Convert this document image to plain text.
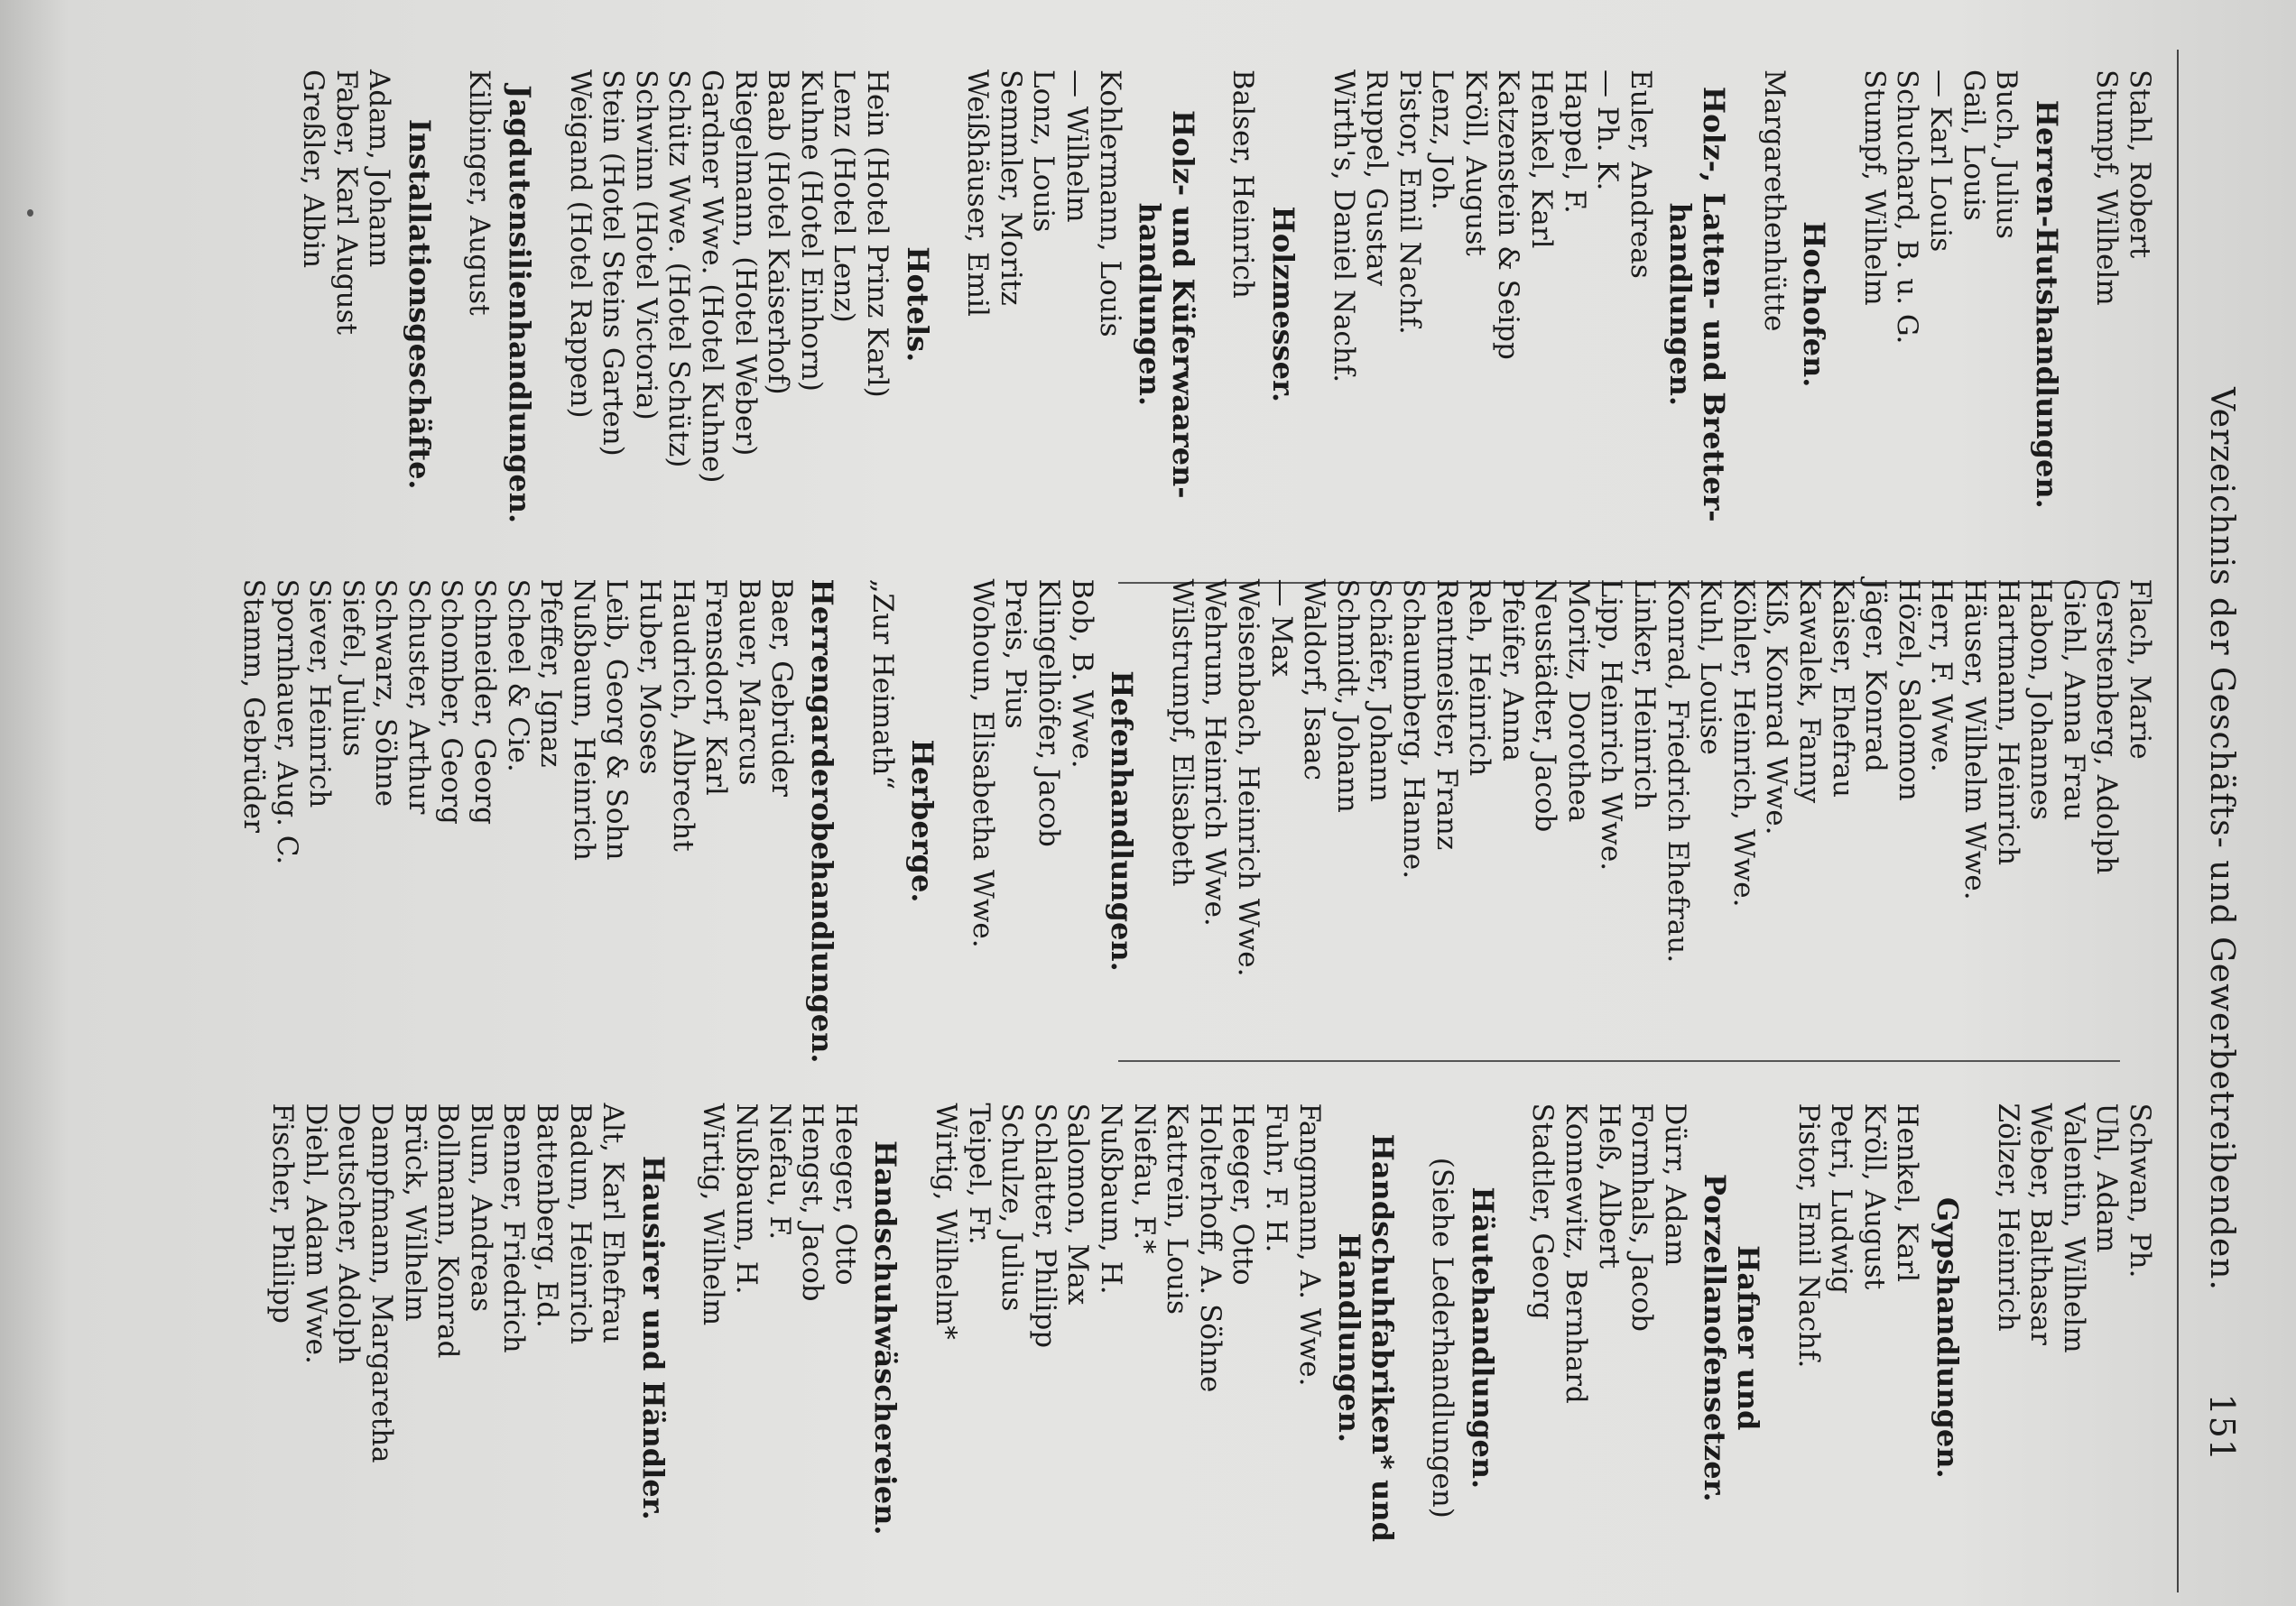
151
Verzeichnis der Geschäfts- und Gewerbetreibenden.
Stahl, Robert
Stumpf, Wilhelm
Herren-Hutshandlungen.
Buch, Julius
Gail, Louis
— Karl Louis
Schuchard, B. u. G.
Stumpf, Wilhelm
Hochofen.
Margarethenhütte
Holz-, Latten- und Bretter-handlungen.
Euler, Andreas
— Ph. K.
Happel, F.
Henkel, Karl
Katzenstein & Seipp
Kröll, August
Lenz, Joh.
Pistor, Emil Nachf.
Ruppel, Gustav
Wirth's, Daniel Nachf.
Holzmesser.
Balser, Heinrich
Holz- und Küferwaaren-handlungen.
Kohlermann, Louis
— Wilhelm
Lonz, Louis
Semmler, Moritz
Weißhäuser, Emil
Hotels.
Hein (Hotel Prinz Karl)
Lenz (Hotel Lenz)
Kuhne (Hotel Einhorn)
Baab (Hotel Kaiserhof)
Riegelmann, (Hotel Weber)
Gardner Wwe. (Hotel Kuhne)
Schütz Wwe. (Hotel Schütz)
Schwinn (Hotel Victoria)
Stein (Hotel Steins Garten)
Weigand (Hotel Rappen)
Jagdutensilienhandlungen.
Kilbinger, August
Installationsgeschäfte.
Adam, Johann
Faber, Karl August
Greßler, Albin
Flach, Marie
Gerstenberg, Adolph
Giehl, Anna Frau
Habon, Johannes
Hartmann, Heinrich
Häuser, Wilhelm Wwe.
Herr, F. Wwe.
Hözel, Salomon
Jäger, Konrad
Kaiser, Ehefrau
Kawalek, Fanny
Kiß, Konrad Wwe.
Köhler, Heinrich, Wwe.
Kuhl, Louise
Konrad, Friedrich Ehefrau.
Linker, Heinrich
Lipp, Heinrich Wwe.
Moritz, Dorothea
Neustädter, Jacob
Pfeifer, Anna
Reh, Heinrich
Rentmeister, Franz
Schaumberg, Hanne.
Schäfer, Johann
Schmidt, Johann
Waldorf, Isaac
— Max
Weisenbach, Heinrich Wwe.
Wehrum, Heinrich Wwe.
Wilstrumpf, Elisabeth
Hefenhandlungen.
Bob, B. Wwe.
Klingelhöfer, Jacob
Preis, Pius
Wohoun, Elisabetha Wwe.
Herberge.
„Zur Heimath“
Herrengarderobehandlungen.
Baer, Gebrüder
Bauer, Marcus
Frensdorf, Karl
Haudrich, Albrecht
Huber, Moses
Leib, Georg & Sohn
Nußbaum, Heinrich
Pfeffer, Ignaz
Scheel & Cie.
Schneider, Georg
Schomber, Georg
Schuster, Arthur
Schwarz, Söhne
Siefel, Julius
Siever, Heinrich
Spornhauer, Aug. C.
Stamm, Gebrüder
Schwan, Ph.
Uhl, Adam
Valentin, Wilhelm
Weber, Balthasar
Zölzer, Heinrich
Gypshandlungen.
Henkel, Karl
Kröll, August
Petri, Ludwig
Pistor, Emil Nachf.
Hafner und Porzellanofensetzer.
Dürr, Adam
Formhals, Jacob
Heß, Albert
Konnewitz, Bernhard
Stadtler, Georg
Häutehandlungen.
(Siehe Lederhandlungen)
Handschuhfabriken* und Handlungen.
Fangmann, A. Wwe.
Fuhr, F. H.
Heeger, Otto
Holterhoff, A. Söhne
Kattrein, Louis
Niefau, F.*
Nußbaum, H.
Salomon, Max
Schlatter, Philipp
Schulze, Julius
Teipel, Fr.
Wirtig, Wilhelm*
Handschuhwäschereien.
Heeger, Otto
Hengst, Jacob
Niefau, F.
Nußbaum, H.
Wirtig, Wilhelm
Hausirer und Händler.
Alt, Karl Ehefrau
Badum, Heinrich
Battenberg, Ed.
Benner, Friedrich
Blum, Andreas
Bollmann, Konrad
Brück, Wilhelm
Dampfmann, Margaretha
Deutscher, Adolph
Diehl, Adam Wwe.
Fischer, Philipp
